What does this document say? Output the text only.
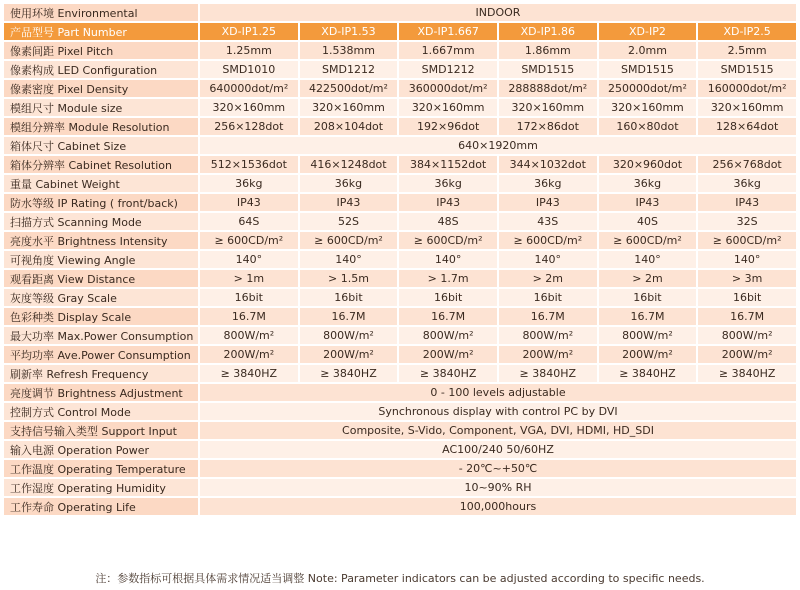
使用环境 Environmental	INDOOR					
产品型号 Part Number	XD-IP1.25	XD-IP1.53	XD-IP1.667	XD-IP1.86	XD-IP2	XD-IP2.5
像素间距 Pixel Pitch	1.25mm	1.538mm	1.667mm	1.86mm	2.0mm	2.5mm
像素构成 LED Configuration	SMD1010	SMD1212	SMD1212	SMD1515	SMD1515	SMD1515
像素密度 Pixel Density	640000dot/m²	422500dot/m²	360000dot/m²	288888dot/m²	250000dot/m²	160000dot/m²
模组尺寸 Module size	320×160mm	320×160mm	320×160mm	320×160mm	320×160mm	320×160mm
模组分辨率 Module Resolution	256×128dot	208×104dot	192×96dot	172×86dot	160×80dot	128×64dot
箱体尺寸 Cabinet Size	640×1920mm					
箱体分辨率 Cabinet Resolution	512×1536dot	416×1248dot	384×1152dot	344×1032dot	320×960dot	256×768dot
重量 Cabinet Weight	36kg	36kg	36kg	36kg	36kg	36kg
防水等级 IP Rating ( front/back)	IP43	IP43	IP43	IP43	IP43	IP43
扫描方式 Scanning Mode	64S	52S	48S	43S	40S	32S
亮度水平 Brightness Intensity	≥ 600CD/m²	≥ 600CD/m²	≥ 600CD/m²	≥ 600CD/m²	≥ 600CD/m²	≥ 600CD/m²
可视角度 Viewing Angle	140°	140°	140°	140°	140°	140°
观看距离 View Distance	> 1m	> 1.5m	> 1.7m	> 2m	> 2m	> 3m
灰度等级 Gray Scale	16bit	16bit	16bit	16bit	16bit	16bit
色彩种类 Display Scale	16.7M	16.7M	16.7M	16.7M	16.7M	16.7M
最大功率 Max.Power Consumption	800W/m²	800W/m²	800W/m²	800W/m²	800W/m²	800W/m²
平均功率 Ave.Power Consumption	200W/m²	200W/m²	200W/m²	200W/m²	200W/m²	200W/m²
刷新率 Refresh Frequency	≥ 3840HZ	≥ 3840HZ	≥ 3840HZ	≥ 3840HZ	≥ 3840HZ	≥ 3840HZ
亮度调节 Brightness Adjustment	0 - 100 levels adjustable					
控制方式 Control Mode	Synchronous display with control PC by DVI					
支持信号输入类型 Support Input	Composite, S-Vido, Component, VGA, DVI, HDMI, HD_SDI					
输入电源 Operation Power	AC100/240 50/60HZ					
工作温度 Operating Temperature	- 20℃~+50℃					
工作湿度 Operating Humidity	10~90% RH					
工作寿命 Operating Life	100,000hours					
注：参数指标可根据具体需求情况适当调整 Note: Parameter indicators can be adjusted according to specific needs.
